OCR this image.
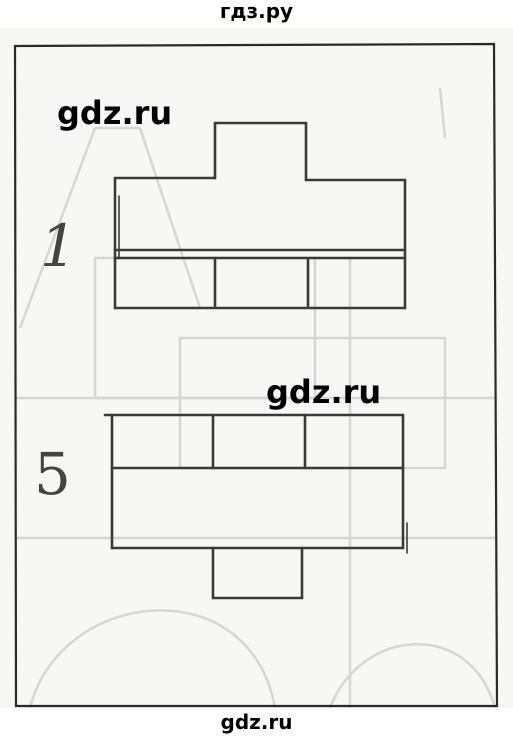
гдз.ру
1
5
gdz.ru
gdz.ru
gdz.ru
